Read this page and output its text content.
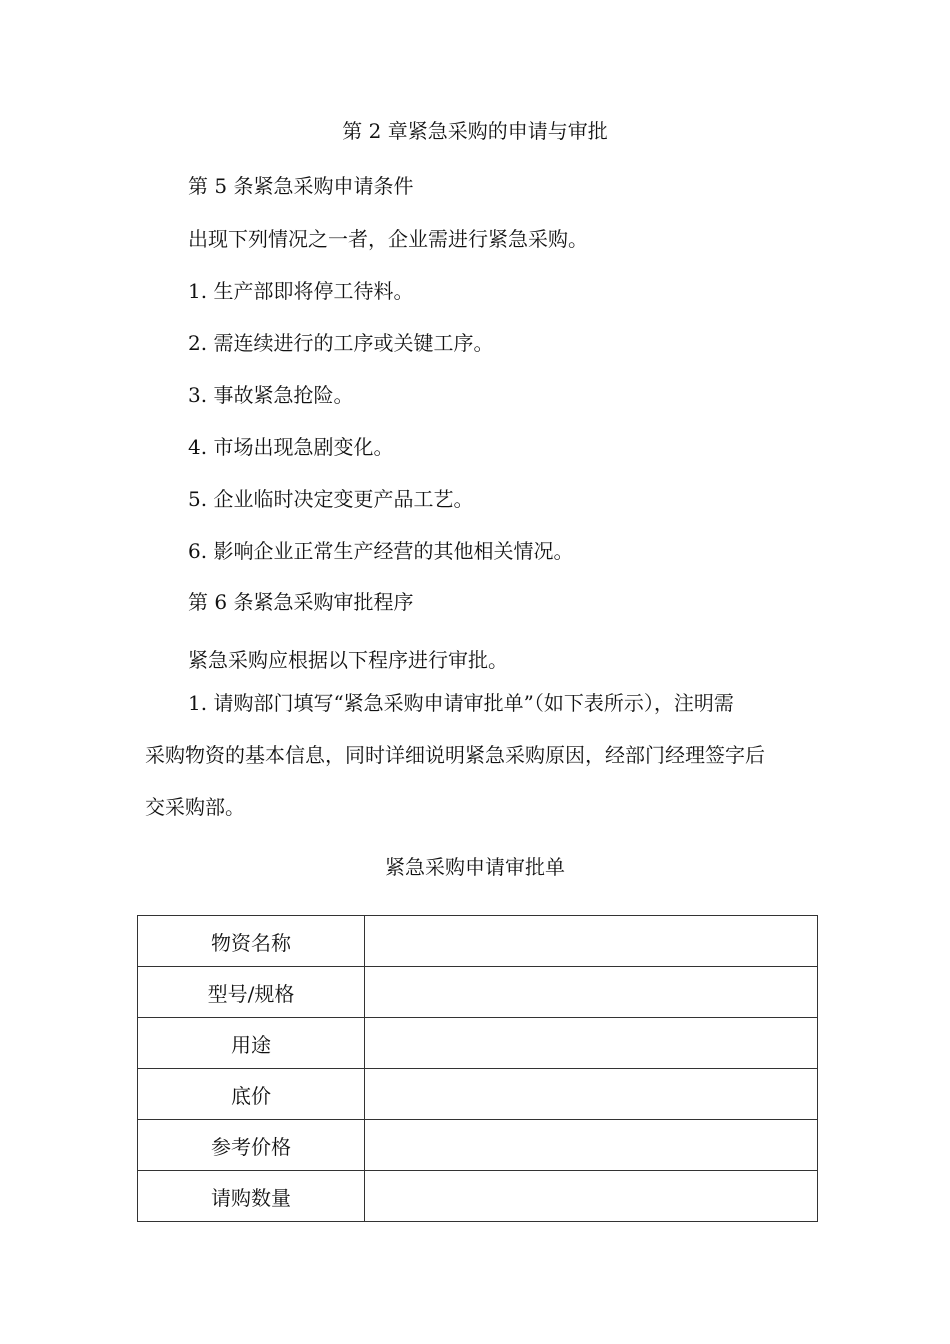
第 2 章紧急采购的申请与审批
第 5 条紧急采购申请条件
出现下列情况之一者，企业需进行紧急采购。
1. 生产部即将停工待料。
2. 需连续进行的工序或关键工序。
3. 事故紧急抢险。
4. 市场出现急剧变化。
5. 企业临时决定变更产品工艺。
6. 影响企业正常生产经营的其他相关情况。
第 6 条紧急采购审批程序
紧急采购应根据以下程序进行审批。
1. 请购部门填写“紧急采购申请审批单”（如下表所示），注明需
采购物资的基本信息，同时详细说明紧急采购原因，经部门经理签字后
交采购部。
紧急采购申请审批单
物资名称	
型号/规格	
用途	
底价	
参考价格	
请购数量	
